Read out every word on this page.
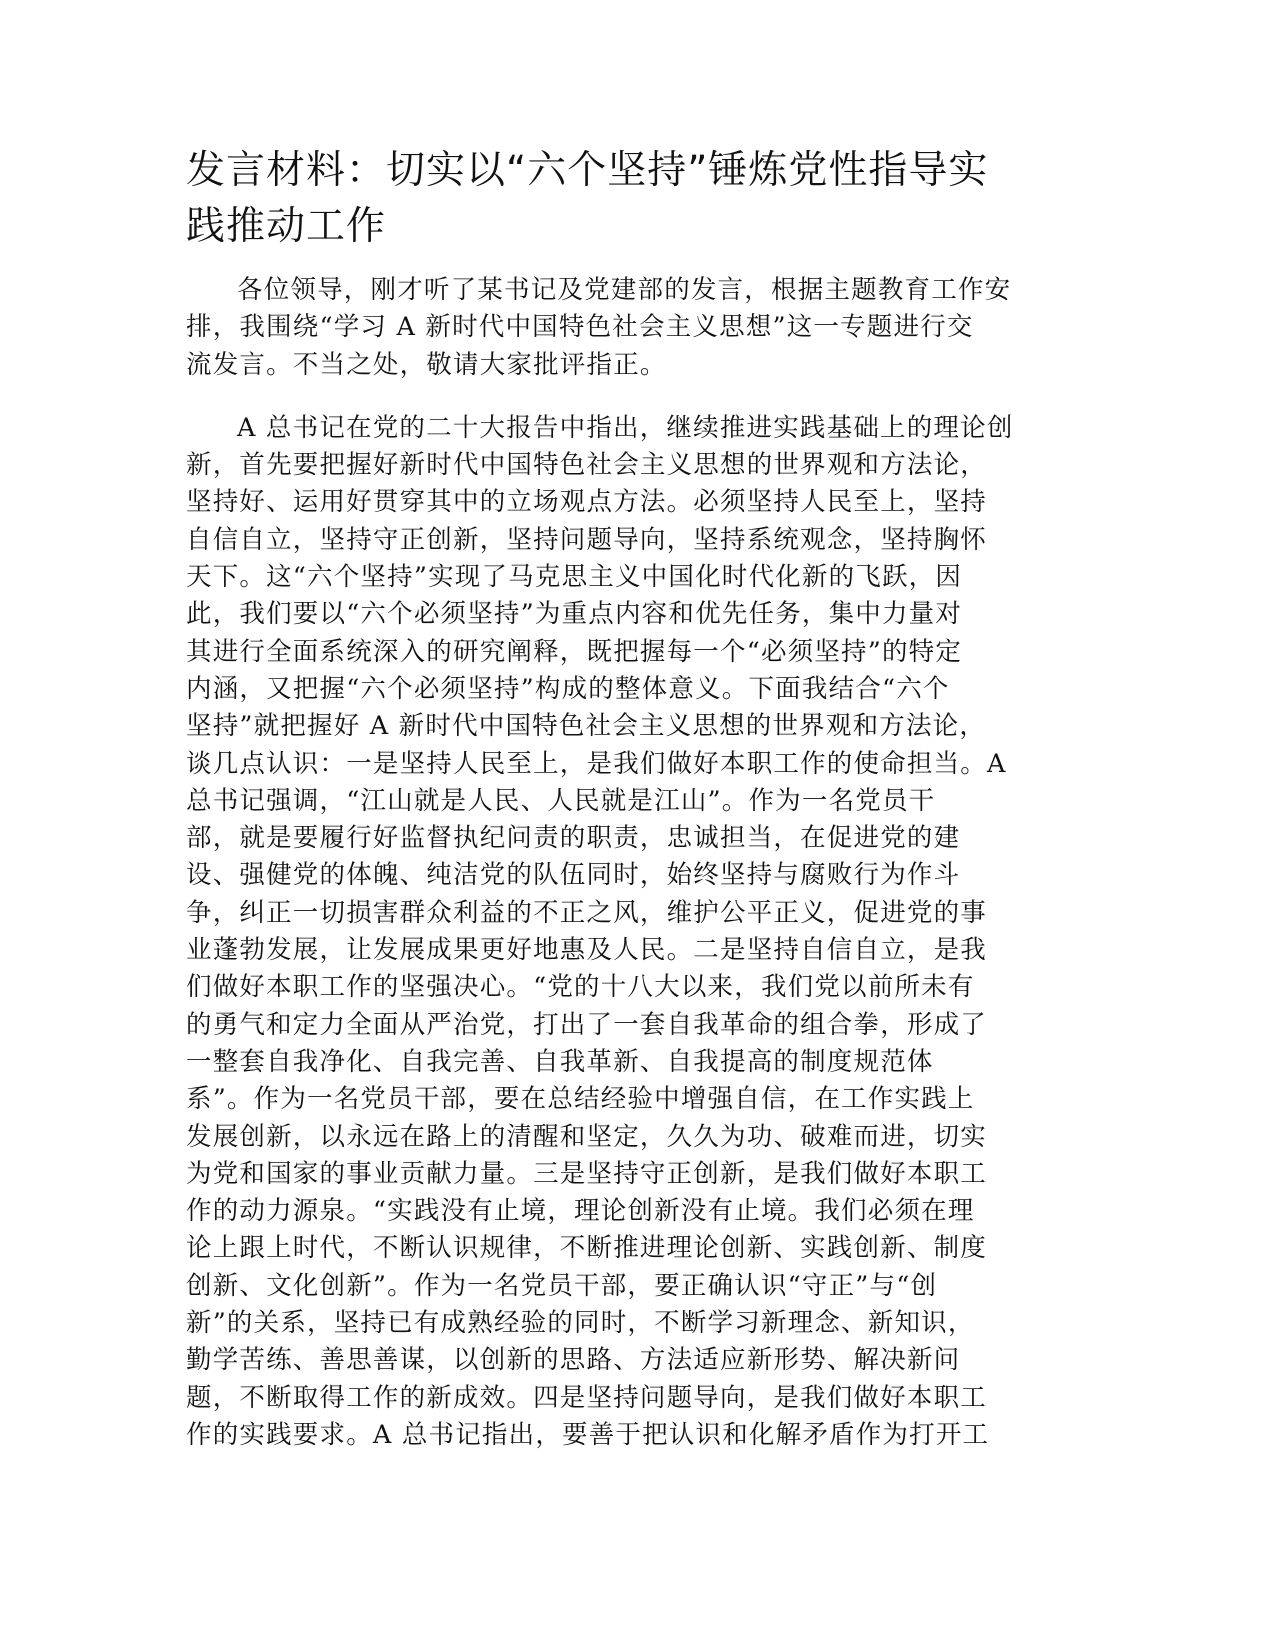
发言材料：切实以“六个坚持”锤炼党性指导实
践推动工作
各位领导，刚才听了某书记及党建部的发言，根据主题教育工作安
排，我围绕“学习 A 新时代中国特色社会主义思想”这一专题进行交
流发言。不当之处，敬请大家批评指正。
A 总书记在党的二十大报告中指出，继续推进实践基础上的理论创
新，首先要把握好新时代中国特色社会主义思想的世界观和方法论，
坚持好、运用好贯穿其中的立场观点方法。必须坚持人民至上，坚持
自信自立，坚持守正创新，坚持问题导向，坚持系统观念，坚持胸怀
天下。这“六个坚持”实现了马克思主义中国化时代化新的飞跃，因
此，我们要以“六个必须坚持”为重点内容和优先任务，集中力量对
其进行全面系统深入的研究阐释，既把握每一个“必须坚持”的特定
内涵，又把握“六个必须坚持”构成的整体意义。下面我结合“六个
坚持”就把握好 A 新时代中国特色社会主义思想的世界观和方法论，
谈几点认识：一是坚持人民至上，是我们做好本职工作的使命担当。A
总书记强调，“江山就是人民、人民就是江山”。作为一名党员干
部，就是要履行好监督执纪问责的职责，忠诚担当，在促进党的建
设、强健党的体魄、纯洁党的队伍同时，始终坚持与腐败行为作斗
争，纠正一切损害群众利益的不正之风，维护公平正义，促进党的事
业蓬勃发展，让发展成果更好地惠及人民。二是坚持自信自立，是我
们做好本职工作的坚强决心。“党的十八大以来，我们党以前所未有
的勇气和定力全面从严治党，打出了一套自我革命的组合拳，形成了
一整套自我净化、自我完善、自我革新、自我提高的制度规范体
系”。作为一名党员干部，要在总结经验中增强自信，在工作实践上
发展创新，以永远在路上的清醒和坚定，久久为功、破难而进，切实
为党和国家的事业贡献力量。三是坚持守正创新，是我们做好本职工
作的动力源泉。“实践没有止境，理论创新没有止境。我们必须在理
论上跟上时代，不断认识规律，不断推进理论创新、实践创新、制度
创新、文化创新”。作为一名党员干部，要正确认识“守正”与“创
新”的关系，坚持已有成熟经验的同时，不断学习新理念、新知识，
勤学苦练、善思善谋，以创新的思路、方法适应新形势、解决新问
题，不断取得工作的新成效。四是坚持问题导向，是我们做好本职工
作的实践要求。A 总书记指出，要善于把认识和化解矛盾作为打开工
